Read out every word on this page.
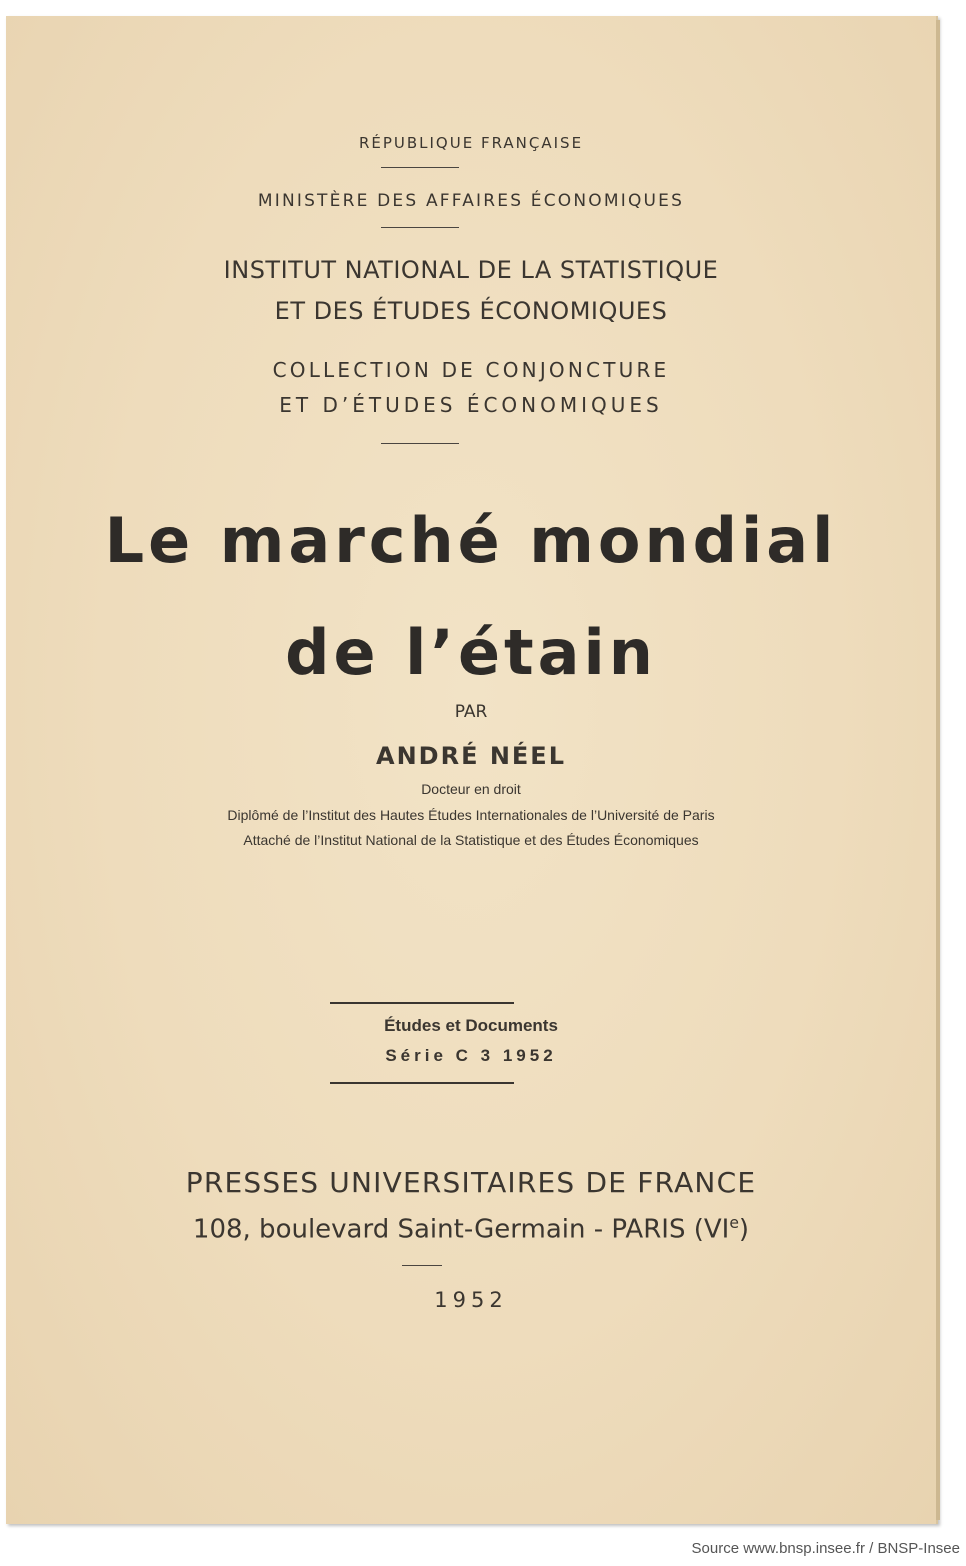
RÉPUBLIQUE FRANÇAISE
MINISTÈRE DES AFFAIRES ÉCONOMIQUES
INSTITUT NATIONAL DE LA STATISTIQUE
ET DES ÉTUDES ÉCONOMIQUES
COLLECTION DE CONJONCTURE
ET D’ÉTUDES ÉCONOMIQUES
Le marché mondial
de l’étain
PAR
ANDRÉ NÉEL
Docteur en droit
Diplômé de l’Institut des Hautes Études Internationales de l’Université de Paris
Attaché de l’Institut National de la Statistique et des Études Économiques
Études et Documents
Série C 3 1952
PRESSES UNIVERSITAIRES DE FRANCE
108, boulevard Saint-Germain - PARIS (VIe)
1952
Source www.bnsp.insee.fr / BNSP-Insee
